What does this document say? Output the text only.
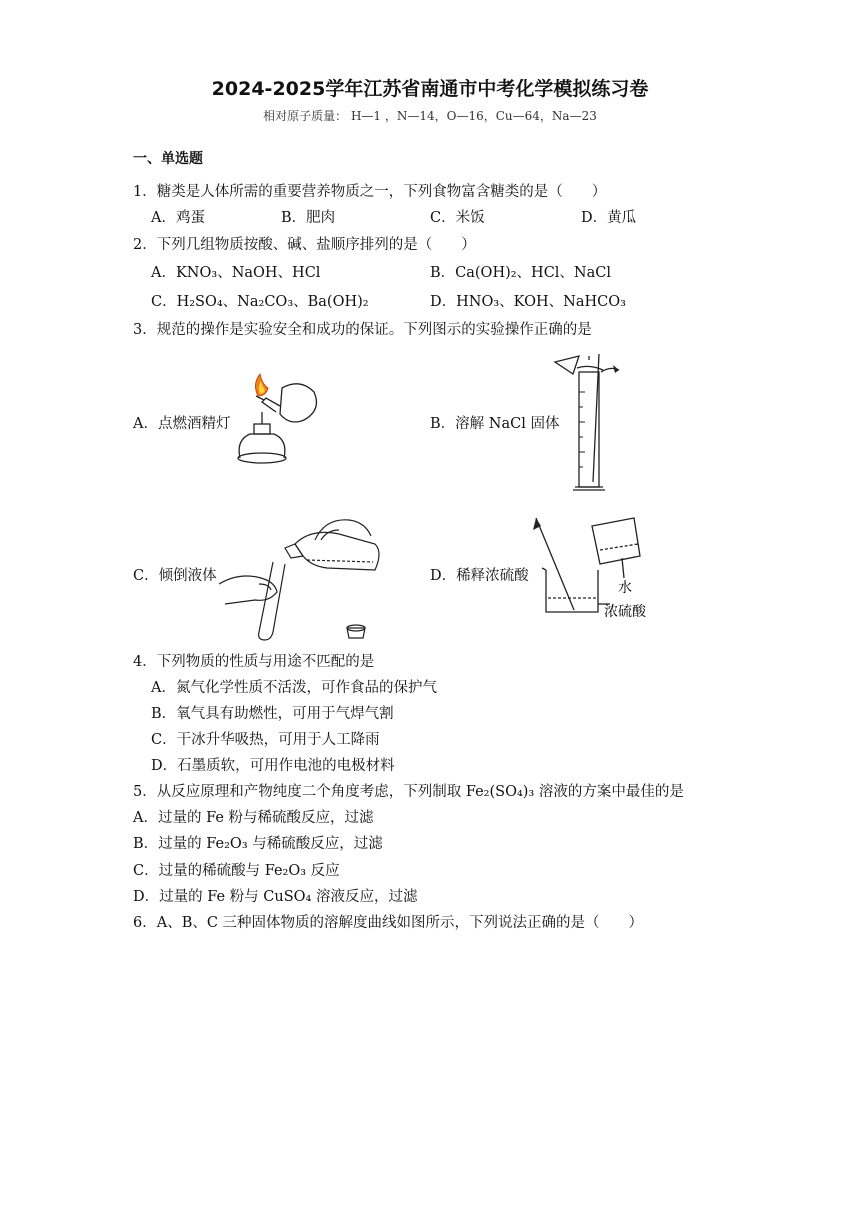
2024-2025学年江苏省南通市中考化学模拟练习卷
相对原子质量： H—1 ，N—14，O—16，Cu—64，Na—23
一、单选题
1．糖类是人体所需的重要营养物质之一，下列食物富含糖类的是（　　）
A．鸡蛋	B．肥肉	C．米饭	D．黄瓜
2．下列几组物质按酸、碱、盐顺序排列的是（　　）
A．KNO₃、NaOH、HCl	B．Ca(OH)₂、HCl、NaCl
C．H₂SO₄、Na₂CO₃、Ba(OH)₂	D．HNO₃、KOH、NaHCO₃
3．规范的操作是实验安全和成功的保证。下列图示的实验操作正确的是
A．点燃酒精灯	B．溶解 NaCl 固体
C．倾倒液体	D．稀释浓硫酸
水
浓硫酸
4．下列物质的性质与用途不匹配的是
A．氮气化学性质不活泼，可作食品的保护气
B．氧气具有助燃性，可用于气焊气割
C．干冰升华吸热，可用于人工降雨
D．石墨质软，可用作电池的电极材料
5．从反应原理和产物纯度二个角度考虑，下列制取 Fe₂(SO₄)₃ 溶液的方案中最佳的是
A．过量的 Fe 粉与稀硫酸反应，过滤
B．过量的 Fe₂O₃ 与稀硫酸反应，过滤
C．过量的稀硫酸与 Fe₂O₃ 反应
D．过量的 Fe 粉与 CuSO₄ 溶液反应，过滤
6．A、B、C 三种固体物质的溶解度曲线如图所示，下列说法正确的是（　　）
